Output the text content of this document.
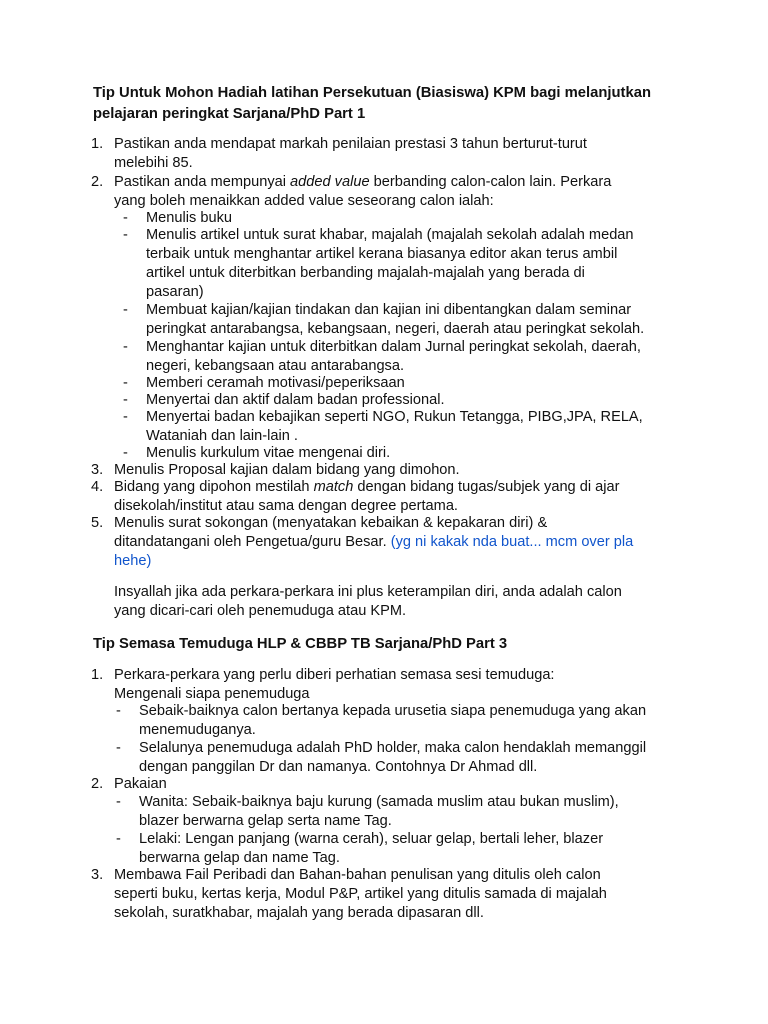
Tip Untuk Mohon Hadiah latihan Persekutuan (Biasiswa) KPM bagi melanjutkan
pelajaran peringkat Sarjana/PhD Part 1
1. Pastikan anda mendapat markah penilaian prestasi 3 tahun berturut-turut
melebihi 85.
2. Pastikan anda mempunyai added value berbanding calon-calon lain. Perkara
yang boleh menaikkan added value seseorang calon ialah:
- Menulis buku
- Menulis artikel untuk surat khabar, majalah (majalah sekolah adalah medan
terbaik untuk menghantar artikel kerana biasanya editor akan terus ambil
artikel untuk diterbitkan berbanding majalah-majalah yang berada di
pasaran)
- Membuat kajian/kajian tindakan dan kajian ini dibentangkan dalam seminar
peringkat antarabangsa, kebangsaan, negeri, daerah atau peringkat sekolah.
- Menghantar kajian untuk diterbitkan dalam Jurnal peringkat sekolah, daerah,
negeri, kebangsaan atau antarabangsa.
- Memberi ceramah motivasi/peperiksaan
- Menyertai dan aktif dalam badan professional.
- Menyertai badan kebajikan seperti NGO, Rukun Tetangga, PIBG,JPA, RELA,
Wataniah dan lain-lain .
- Menulis kurkulum vitae mengenai diri.
3. Menulis Proposal kajian dalam bidang yang dimohon.
4. Bidang yang dipohon mestilah match dengan bidang tugas/subjek yang di ajar
disekolah/institut atau sama dengan degree pertama.
5. Menulis surat sokongan (menyatakan kebaikan & kepakaran diri) &
ditandatangani oleh Pengetua/guru Besar. (yg ni kakak nda buat... mcm over pla
hehe)
Insyallah jika ada perkara-perkara ini plus keterampilan diri, anda adalah calon
yang dicari-cari oleh penemuduga atau KPM.
Tip Semasa Temuduga HLP & CBBP TB Sarjana/PhD Part 3
1. Perkara-perkara yang perlu diberi perhatian semasa sesi temuduga:
Mengenali siapa penemuduga
- Sebaik-baiknya calon bertanya kepada urusetia siapa penemuduga yang akan
menemuduganya.
- Selalunya penemuduga adalah PhD holder, maka calon hendaklah memanggil
dengan panggilan Dr dan namanya. Contohnya Dr Ahmad dll.
2. Pakaian
- Wanita: Sebaik-baiknya baju kurung (samada muslim atau bukan muslim),
blazer berwarna gelap serta name Tag.
- Lelaki: Lengan panjang (warna cerah), seluar gelap, bertali leher, blazer
berwarna gelap dan name Tag.
3. Membawa Fail Peribadi dan Bahan-bahan penulisan yang ditulis oleh calon
seperti buku, kertas kerja, Modul P&P, artikel yang ditulis samada di majalah
sekolah, suratkhabar, majalah yang berada dipasaran dll.
